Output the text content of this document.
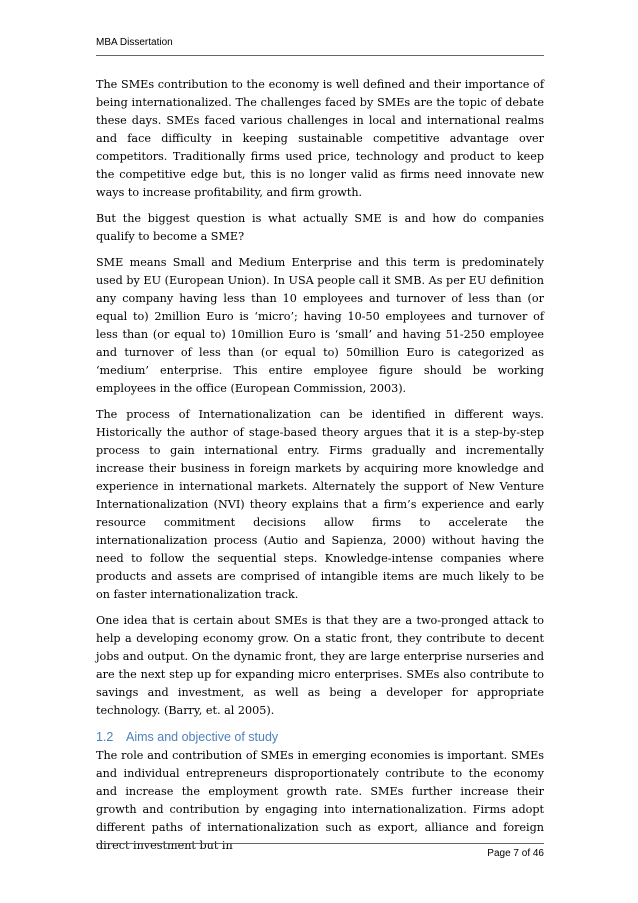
MBA Dissertation

The SMEs contribution to the economy is well defined and their importance of being internationalized. The challenges faced by SMEs are the topic of debate these days. SMEs faced various challenges in local and international realms and face difficulty in keeping sustainable competitive advantage over competitors. Traditionally firms used price, technology and product to keep the competitive edge but, this is no longer valid as firms need innovate new ways to increase profitability, and firm growth.

But the biggest question is what actually SME is and how do companies qualify to become a SME?

SME means Small and Medium Enterprise and this term is predominately used by EU (European Union). In USA people call it SMB. As per EU definition any company having less than 10 employees and turnover of less than (or equal to) 2million Euro is ‘micro’; having 10-50 employees and turnover of less than (or equal to) 10million Euro is ‘small’ and having 51-250 employee and turnover of less than (or equal to) 50million Euro is categorized as ‘medium’ enterprise. This entire employee figure should be working employees in the office (European Commission, 2003).

The process of Internationalization can be identified in different ways. Historically the author of stage-based theory argues that it is a step-by-step process to gain international entry. Firms gradually and incrementally increase their business in foreign markets by acquiring more knowledge and experience in international markets. Alternately the support of New Venture Internationalization (NVI) theory explains that a firm’s experience and early resource commitment decisions allow firms to accelerate the internationalization process (Autio and Sapienza, 2000) without having the need to follow the sequential steps. Knowledge-intense companies where products and assets are comprised of intangible items are much likely to be on faster internationalization track.

One idea that is certain about SMEs is that they are a two-pronged attack to help a developing economy grow. On a static front, they contribute to decent jobs and output. On the dynamic front, they are large enterprise nurseries and are the next step up for expanding micro enterprises. SMEs also contribute to savings and investment, as well as being a developer for appropriate technology. (Barry, et. al 2005).

1.2 Aims and objective of study

The role and contribution of SMEs in emerging economies is important. SMEs and individual entrepreneurs disproportionately contribute to the economy and increase the employment growth rate. SMEs further increase their growth and contribution by engaging into internationalization. Firms adopt different paths of internationalization such as export, alliance and foreign direct investment but in

Page 7 of 46
